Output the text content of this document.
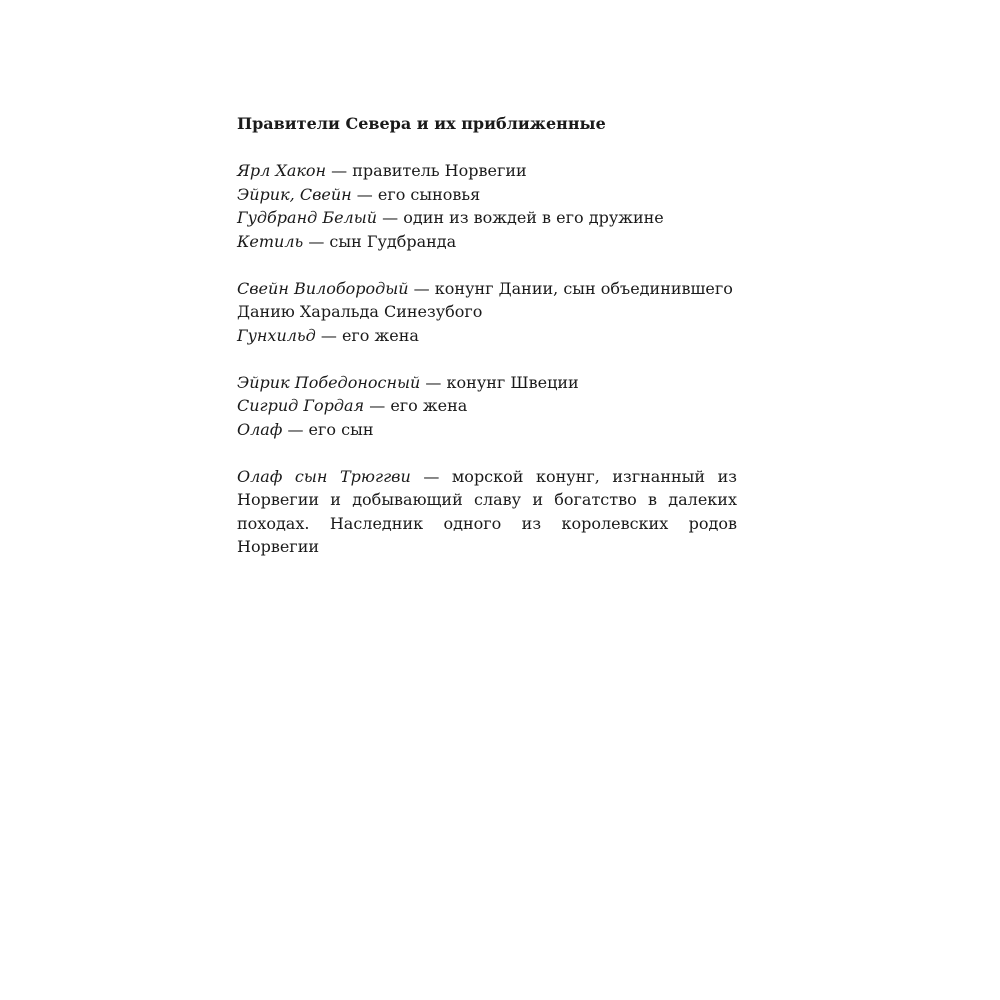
Правители Севера и их приближенные
Ярл Хакон — правитель Норвегии
Эйрик, Свейн — его сыновья
Гудбранд Белый — один из вождей в его дружине
Кетиль — сын Гудбранда
Свейн Вилобородый — конунг Дании, сын объединившего Данию Харальда Синезубого
Гунхильд — его жена
Эйрик Победоносный — конунг Швеции
Сигрид Гордая — его жена
Олаф — его сын
Олаф сын Трюггви — морской конунг, изгнанный из Норвегии и добывающий славу и богатство в далеких походах. Наследник одного из королевских родов Норвегии
